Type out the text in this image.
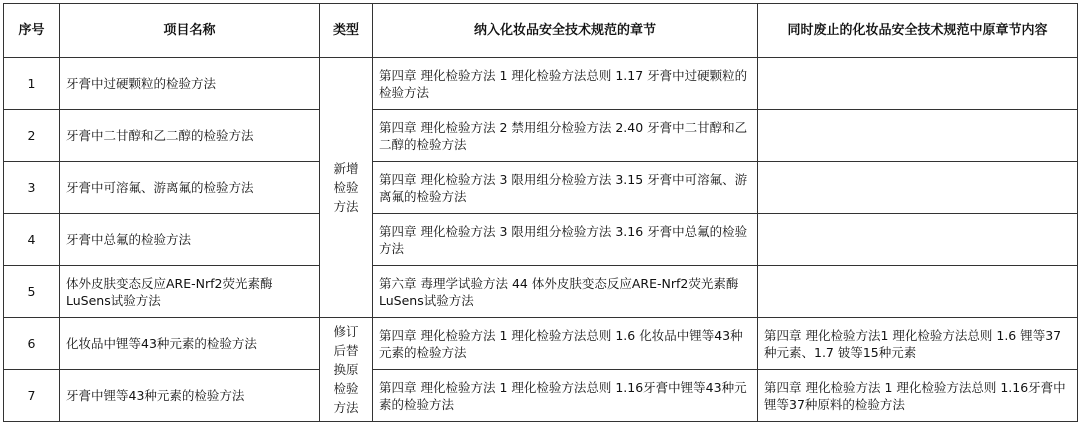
序号	项目名称	类型	纳入化妆品安全技术规范的章节	同时废止的化妆品安全技术规范中原章节内容
1	牙膏中过硬颗粒的检验方法	新增检验方法	第四章 理化检验方法 1 理化检验方法总则 1.17 牙膏中过硬颗粒的检验方法	
2	牙膏中二甘醇和乙二醇的检验方法		第四章 理化检验方法 2 禁用组分检验方法 2.40 牙膏中二甘醇和乙二醇的检验方法	
3	牙膏中可溶氟、游离氟的检验方法		第四章 理化检验方法 3 限用组分检验方法 3.15 牙膏中可溶氟、游离氟的检验方法	
4	牙膏中总氟的检验方法		第四章 理化检验方法 3 限用组分检验方法 3.16 牙膏中总氟的检验方法	
5	体外皮肤变态反应ARE-Nrf2荧光素酶LuSens试验方法		第六章 毒理学试验方法 44 体外皮肤变态反应ARE-Nrf2荧光素酶LuSens试验方法	
6	化妆品中锂等43种元素的检验方法	修订后替换原检验方法	第四章 理化检验方法 1 理化检验方法总则 1.6 化妆品中锂等43种元素的检验方法	第四章 理化检验方法1 理化检验方法总则 1.6 锂等37种元素、1.7 铍等15种元素
7	牙膏中锂等43种元素的检验方法		第四章 理化检验方法 1 理化检验方法总则 1.16牙膏中锂等43种元素的检验方法	第四章 理化检验方法 1 理化检验方法总则 1.16牙膏中锂等37种原料的检验方法
